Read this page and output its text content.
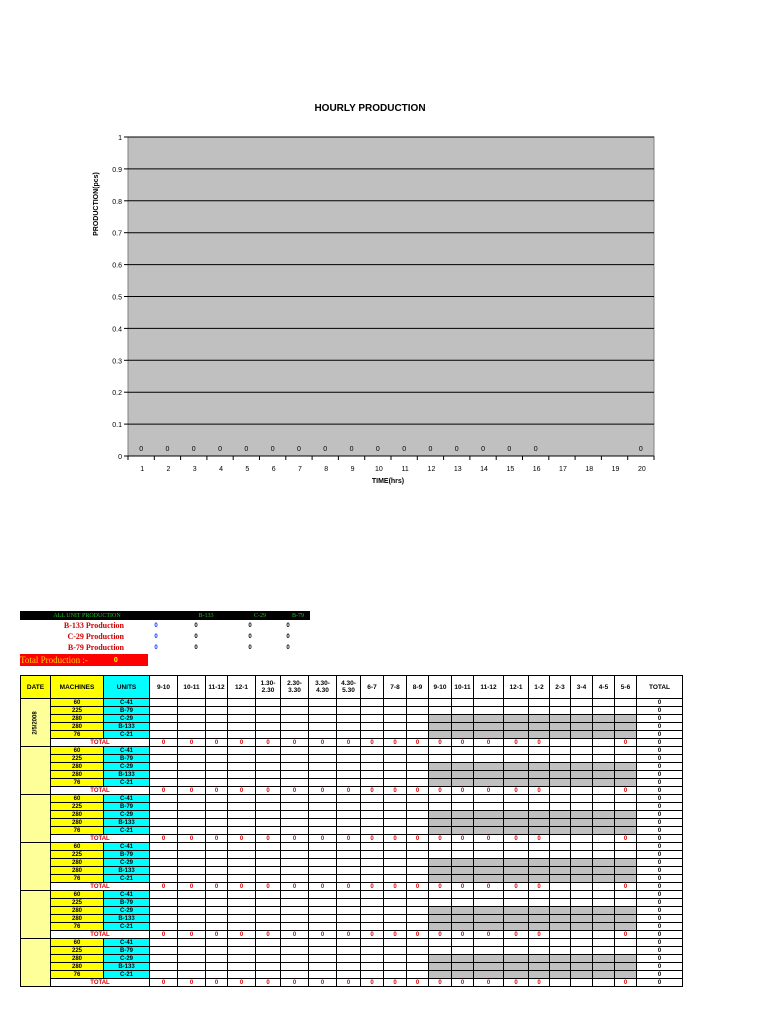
HOURLY PRODUCTION
0
0.1
0.2
0.3
0.4
0.5
0.6
0.7
0.8
0.9
1
1	2	3	4	5	6	7	8	9	10	11	12	13	14	15	16	17	18	19	20
0	0	0	0	0	0	0	0	0	0	0	0	0	0	0	0	0
PRODUCTION(pcs)
TIME(hrs)
ALL UNIT PRODUCTION	B-133	C-29	B-79
B-133 Production	0	0	0	0
C-29 Production	0	0	0	0
B-79 Production	0	0	0	0
Total Production :-	0
DATE	MACHINES	UNITS	9-10	10-11	11-12	12-1	1.30-2.30	2.30-3.30	3.30-4.30	4.30-5.30	6-7	7-8	8-9	9-10	10-11	11-12	12-1	1-2	2-3	3-4	4-5	5-6	TOTAL
2/5/2008	60	C-41																					0
	225	B-79																					0
	280	C-29																					0
	280	B-133																					0
	76	C-21																					0
	TOTAL		0	0	0	0	0	0	0	0	0	0	0	0	0	0	0	0				0	0
	60	C-41																					0
	225	B-79																					0
	280	C-29																					0
	280	B-133																					0
	76	C-21																					0
	TOTAL		0	0	0	0	0	0	0	0	0	0	0	0	0	0	0	0				0	0
	60	C-41																					0
	225	B-79																					0
	280	C-29																					0
	280	B-133																					0
	76	C-21																					0
	TOTAL		0	0	0	0	0	0	0	0	0	0	0	0	0	0	0	0				0	0
	60	C-41																					0
	225	B-79																					0
	280	C-29																					0
	280	B-133																					0
	76	C-21																					0
	TOTAL		0	0	0	0	0	0	0	0	0	0	0	0	0	0	0	0				0	0
	60	C-41																					0
	225	B-79																					0
	280	C-29																					0
	280	B-133																					0
	76	C-21																					0
	TOTAL		0	0	0	0	0	0	0	0	0	0	0	0	0	0	0	0				0	0
	60	C-41																					0
	225	B-79																					0
	280	C-29																					0
	280	B-133																					0
	76	C-21																					0
	TOTAL		0	0	0	0	0	0	0	0	0	0	0	0	0	0	0	0				0	0
